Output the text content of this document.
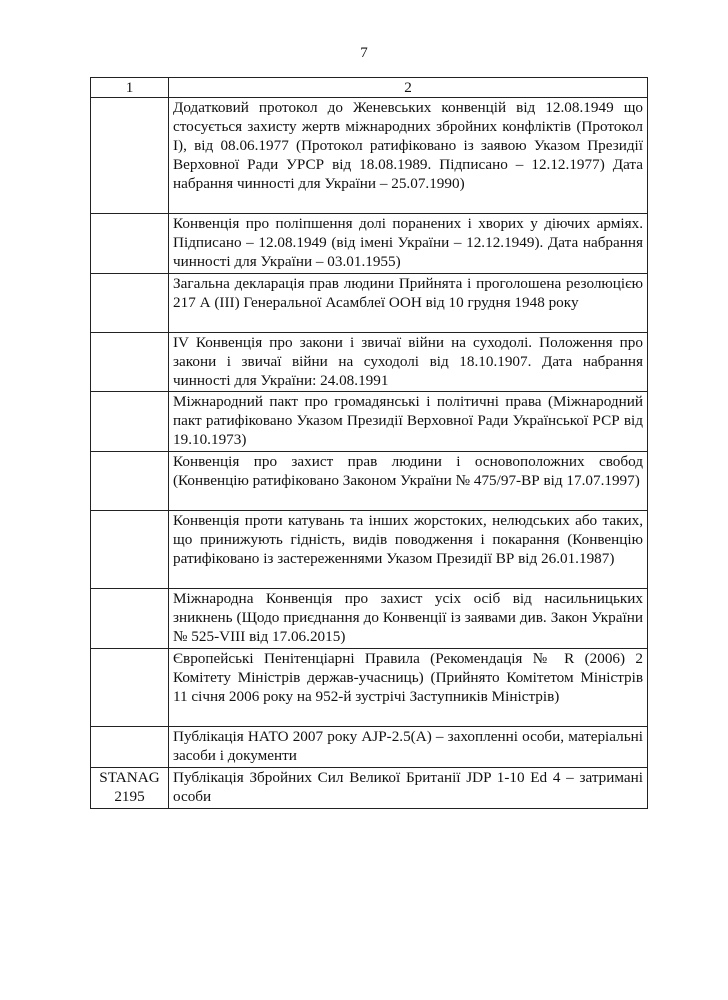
7
1	2
	Додатковий протокол до Женевських конвенцій від 12.08.1949 що стосується захисту жертв міжнародних збройних конфліктів (Протокол І), від 08.06.1977 (Протокол ратифіковано із заявою Указом Президії Верховної Ради УРСР від 18.08.1989. Підписано – 12.12.1977) Дата набрання чинності для України – 25.07.1990)
	Конвенція про поліпшення долі поранених і хворих у діючих арміях. Підписано – 12.08.1949 (від імені України – 12.12.1949). Дата набрання чинності для України – 03.01.1955)
	Загальна декларація прав людини Прийнята і проголошена резолюцією 217 А (ІІІ) Генеральної Асамблеї ООН від 10 грудня 1948 року
	IV Конвенція про закони і звичаї війни на суходолі. Положення про закони і звичаї війни на суходолі від 18.10.1907. Дата набрання чинності для України: 24.08.1991
	Міжнародний пакт про громадянські і політичні права (Міжнародний пакт ратифіковано Указом Президії Верховної Ради Української РСР від 19.10.1973)
	Конвенція про захист прав людини і основоположних свобод (Конвенцію ратифіковано Законом України № 475/97-ВР від 17.07.1997)
	Конвенція проти катувань та інших жорстоких, нелюдських або таких, що принижують гідність, видів поводження і покарання (Конвенцію ратифіковано із застереженнями Указом Президії ВР від 26.01.1987)
	Міжнародна Конвенція про захист усіх осіб від насильницьких зникнень (Щодо приєднання до Конвенції із заявами див. Закон України № 525-VIII від 17.06.2015)
	Європейські Пенітенціарні Правила (Рекомендація № R (2006) 2 Комітету Міністрів держав-учасниць) (Прийнято Комітетом Міністрів 11 січня 2006 року на 952-й зустрічі Заступників Міністрів)
	Публікація НАТО 2007 року AJP-2.5(A) – захопленні особи, матеріальні засоби і документи
STANAG 2195	Публікація Збройних Сил Великої Британії JDP 1-10 Ed 4 – затримані особи
